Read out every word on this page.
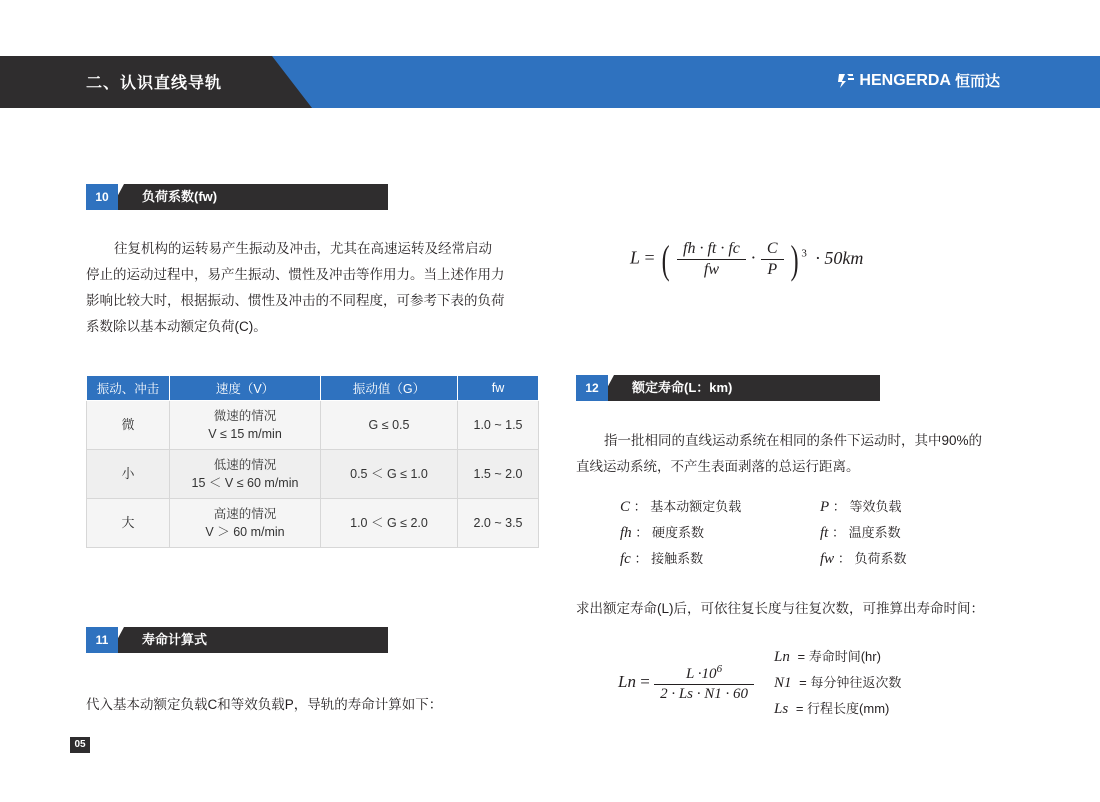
二、认识直线导轨	HENGERDA 恒而达
10	负荷系数(fw)
往复机构的运转易产生振动及冲击，尤其在高速运转及经常启动
停止的运动过程中，易产生振动、惯性及冲击等作用力。当上述作用力
影响比较大时，根据振动、惯性及冲击的不同程度，可参考下表的负荷
系数除以基本动额定负荷(C)。
振动、冲击	速度（V）	振动值（G）	fw
微	微速的情况
V ≤ 15 m/min	G ≤ 0.5	1.0 ~ 1.5
小	低速的情况
15 ＜ V ≤ 60 m/min	0.5 ＜ G ≤ 1.0	1.5 ~ 2.0
大	高速的情况
V ＞ 60 m/min	1.0 ＜ G ≤ 2.0	2.0 ~ 3.5
11	寿命计算式
代入基本动额定负载C和等效负载P，导轨的寿命计算如下：
L = ( $\frac{fh \cdot ft \cdot fc}{fw} \cdot \frac{C}{P}$ ) $^3$ · 50km
12	额定寿命(L：km)
指一批相同的直线运动系统在相同的条件下运动时，其中90%的
直线运动系统，不产生表面剥落的总运行距离。
C ： 基本动额定负载
fh ： 硬度系数
fc ： 接触系数
P ： 等效负载
ft ： 温度系数
fw ： 负荷系数
求出额定寿命(L)后，可依往复长度与往复次数，可推算出寿命时间：
$Ln = \frac{L \cdot 10^6}{2 \cdot Ls \cdot N1 \cdot 60}$
Ln = 寿命时间(hr)
N1 = 每分钟往返次数
Ls = 行程长度(mm)
05
